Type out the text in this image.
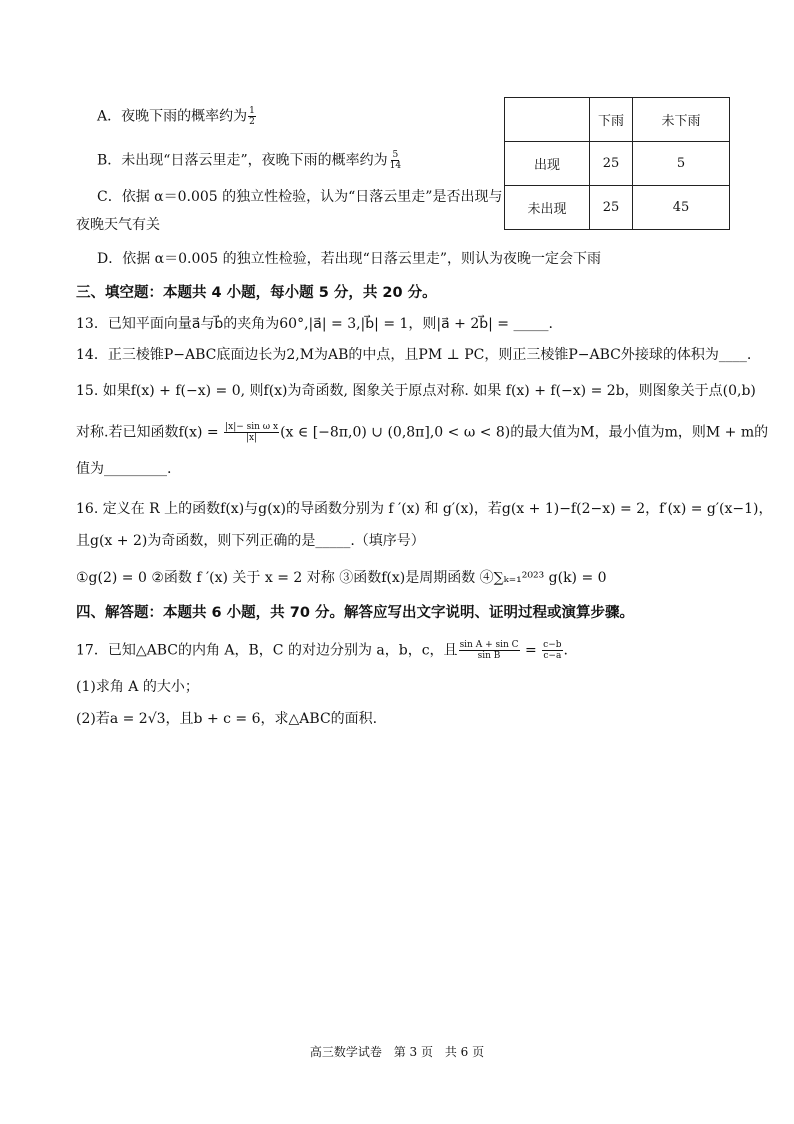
A．夜晚下雨的概率约为 $\frac{1}{2}$
B．未出现“日落云里走”，夜晚下雨的概率约为 $\frac{5}{14}$
C．依据 α＝0.005 的独立性检验，认为“日落云里走”是否出现与
夜晚天气有关
D．依据 α＝0.005 的独立性检验，若出现“日落云里走”，则认为夜晚一定会下雨
	下雨	未下雨
出现	25	5
未出现	25	45
三、填空题：本题共 4 小题，每小题 5 分，共 20 分。
13．已知平面向量a⃗与b⃗的夹角为60°,|a⃗| = 3,|b⃗| = 1，则|a⃗ + 2b⃗| = _____.
14．正三棱锥P−ABC底面边长为2,M为AB的中点，且PM ⊥ PC，则正三棱锥P−ABC外接球的体积为____.
15. 如果f(x) + f(−x) = 0, 则f(x)为奇函数, 图象关于原点对称. 如果 f(x) + f(−x) = 2b，则图象关于点(0,b)
对称.若已知函数$f(x) = \frac{\text{|x|− sin ω x}}{|x|} (x$ ∈ [−8π,0) ∪ (0,8π],0 < ω < 8)的最大值为M，最小值为m，则M + m的
值为_________.
16. 定义在 R 上的函数f(x)与g(x)的导函数分别为 f ′(x) 和 g′(x)，若g(x + 1)−f(2−x) = 2，f′(x) = g′(x−1)，
且g(x + 2)为奇函数，则下列正确的是_____.（填序号）
①g(2) = 0 ②函数 f ′(x) 关于 x = 2 对称 ③函数f(x)是周期函数 ④∑ₖ₌₁²⁰²³ g(k) = 0
四、解答题：本题共 6 小题，共 70 分。解答应写出文字说明、证明过程或演算步骤。
17．已知△ABC的内角 A，B，C 的对边分别为 a，b，c，且 $\frac{\text{sin A + sin C}}{\text{sin B}} = \frac{c-b}{c-a}$ .
(1)求角 A 的大小；
(2)若a = 2√3，且b + c = 6，求△ABC的面积.
高三数学试卷 第 3 页 共 6 页
